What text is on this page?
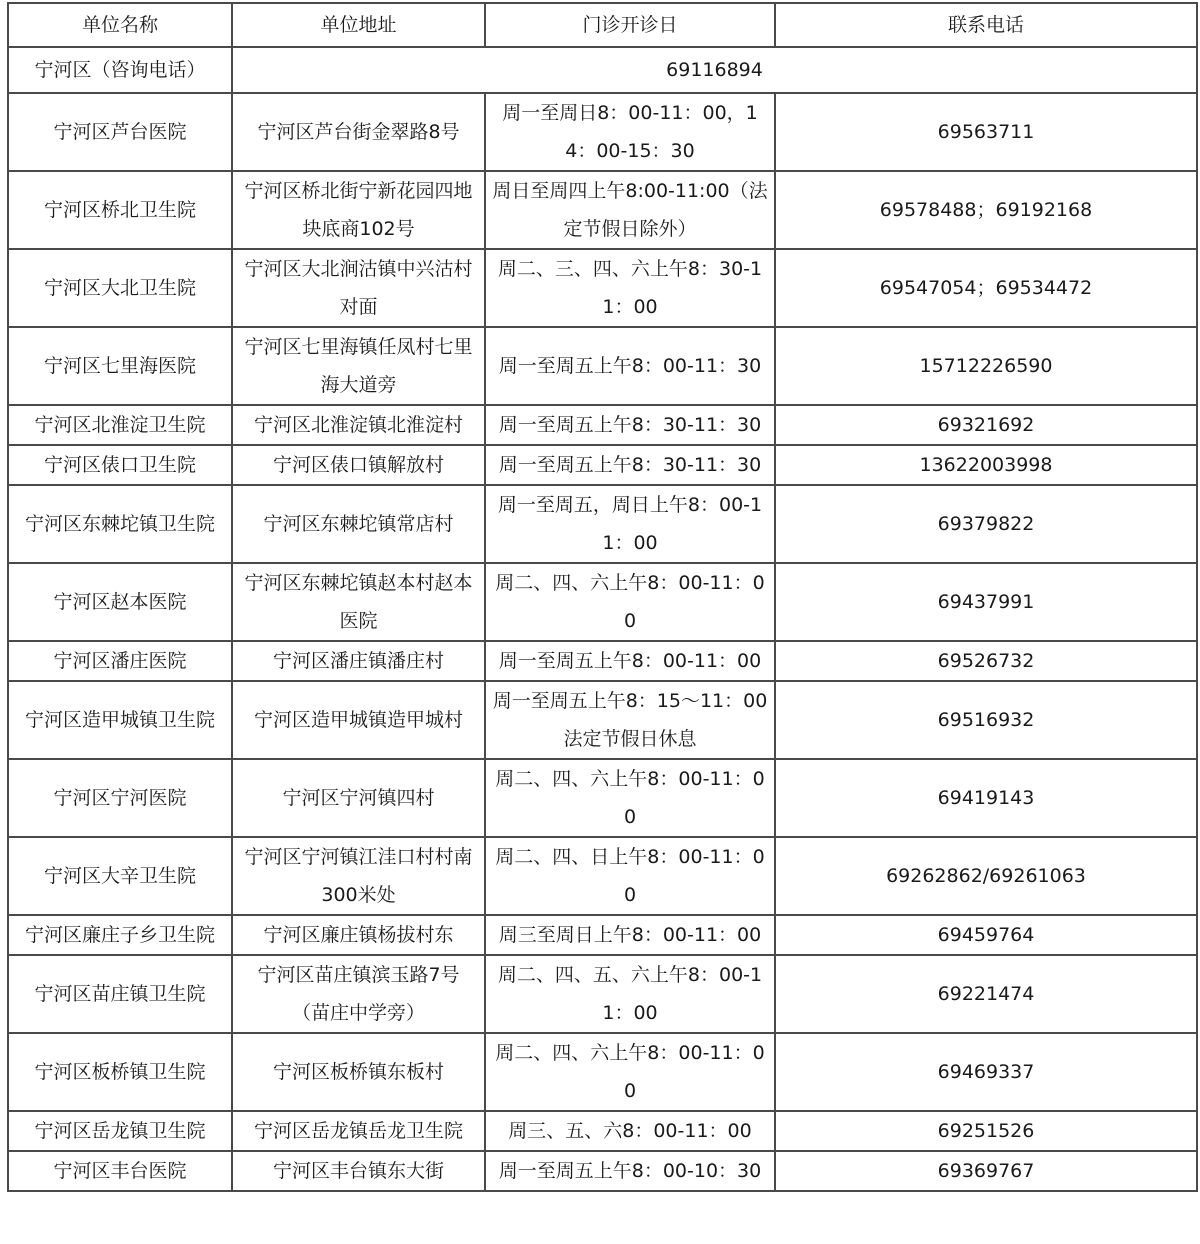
单位名称	单位地址	门诊开诊日	联系电话
宁河区（咨询电话）	69116894		
宁河区芦台医院	宁河区芦台街金翠路8号	周一至周日8：00-11：00，14：00-15：30	69563711
宁河区桥北卫生院	宁河区桥北街宁新花园四地块底商102号	周日至周四上午8:00-11:00（法定节假日除外）	69578488；69192168
宁河区大北卫生院	宁河区大北涧沽镇中兴沽村对面	周二、三、四、六上午8：30-11：00	69547054；69534472
宁河区七里海医院	宁河区七里海镇任凤村七里海大道旁	周一至周五上午8：00-11：30	15712226590
宁河区北淮淀卫生院	宁河区北淮淀镇北淮淀村	周一至周五上午8：30-11：30	69321692
宁河区俵口卫生院	宁河区俵口镇解放村	周一至周五上午8：30-11：30	13622003998
宁河区东棘坨镇卫生院	宁河区东棘坨镇常店村	周一至周五，周日上午8：00-11：00	69379822
宁河区赵本医院	宁河区东棘坨镇赵本村赵本医院	周二、四、六上午8：00-11：00	69437991
宁河区潘庄医院	宁河区潘庄镇潘庄村	周一至周五上午8：00-11：00	69526732
宁河区造甲城镇卫生院	宁河区造甲城镇造甲城村	周一至周五上午8：15～11：00法定节假日休息	69516932
宁河区宁河医院	宁河区宁河镇四村	周二、四、六上午8：00-11：00	69419143
宁河区大辛卫生院	宁河区宁河镇江洼口村村南300米处	周二、四、日上午8：00-11：00	69262862/69261063
宁河区廉庄子乡卫生院	宁河区廉庄镇杨拔村东	周三至周日上午8：00-11：00	69459764
宁河区苗庄镇卫生院	宁河区苗庄镇滨玉路7号（苗庄中学旁）	周二、四、五、六上午8：00-11：00	69221474
宁河区板桥镇卫生院	宁河区板桥镇东板村	周二、四、六上午8：00-11：00	69469337
宁河区岳龙镇卫生院	宁河区岳龙镇岳龙卫生院	周三、五、六8：00-11：00	69251526
宁河区丰台医院	宁河区丰台镇东大街	周一至周五上午8：00-10：30	69369767
